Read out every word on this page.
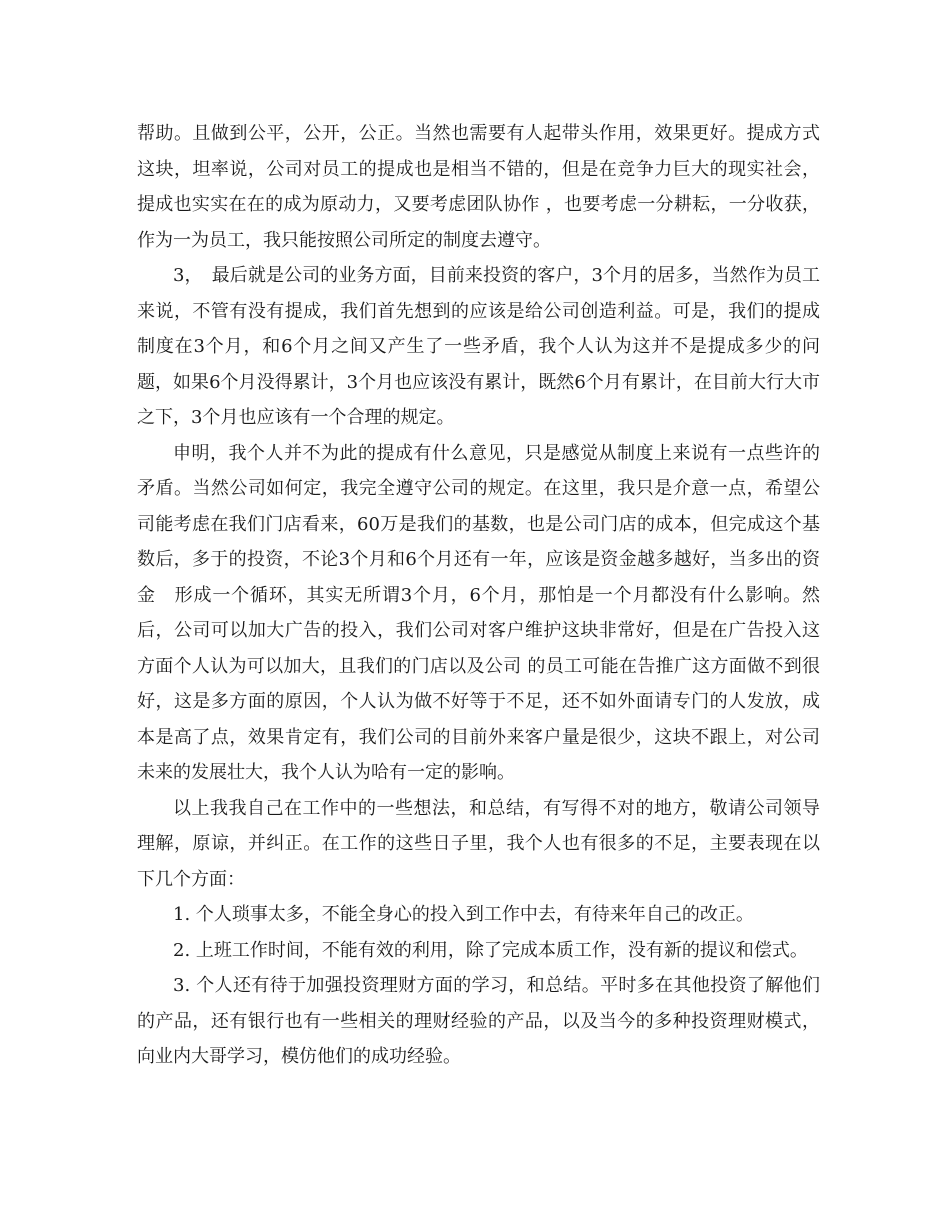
帮助。且做到公平，公开，公正。当然也需要有人起带头作用，效果更好。提成方式这块，坦率说，公司对员工的提成也是相当不错的，但是在竞争力巨大的现实社会，提成也实实在在的成为原动力，又要考虑团队协作 ，也要考虑一分耕耘，一分收获，作为一为员工，我只能按照公司所定的制度去遵守。

3，　最后就是公司的业务方面，目前来投资的客户，3个月的居多，当然作为员工来说，不管有没有提成，我们首先想到的应该是给公司创造利益。可是，我们的提成制度在3个月，和6个月之间又产生了一些矛盾，我个人认为这并不是提成多少的问题，如果6个月没得累计，3个月也应该没有累计，既然6个月有累计，在目前大行大市之下，3个月也应该有一个合理的规定。

申明，我个人并不为此的提成有什么意见，只是感觉从制度上来说有一点些许的矛盾。当然公司如何定，我完全遵守公司的规定。在这里，我只是介意一点，希望公司能考虑在我们门店看来，60万是我们的基数，也是公司门店的成本，但完成这个基数后，多于的投资，不论3个月和6个月还有一年，应该是资金越多越好，当多出的资金　形成一个循环，其实无所谓3个月，6个月，那怕是一个月都没有什么影响。然后，公司可以加大广告的投入，我们公司对客户维护这块非常好，但是在广告投入这方面个人认为可以加大，且我们的门店以及公司 的员工可能在告推广这方面做不到很好，这是多方面的原因，个人认为做不好等于不足，还不如外面请专门的人发放，成本是高了点，效果肯定有，我们公司的目前外来客户量是很少，这块不跟上，对公司未来的发展壮大，我个人认为哈有一定的影响。

以上我我自己在工作中的一些想法，和总结，有写得不对的地方，敬请公司领导理解，原谅，并纠正。在工作的这些日子里，我个人也有很多的不足，主要表现在以下几个方面：

1. 个人琐事太多，不能全身心的投入到工作中去，有待来年自己的改正。

2. 上班工作时间，不能有效的利用，除了完成本质工作，没有新的提议和偿式。

3. 个人还有待于加强投资理财方面的学习，和总结。平时多在其他投资了解他们的产品，还有银行也有一些相关的理财经验的产品，以及当今的多种投资理财模式，向业内大哥学习，模仿他们的成功经验。
